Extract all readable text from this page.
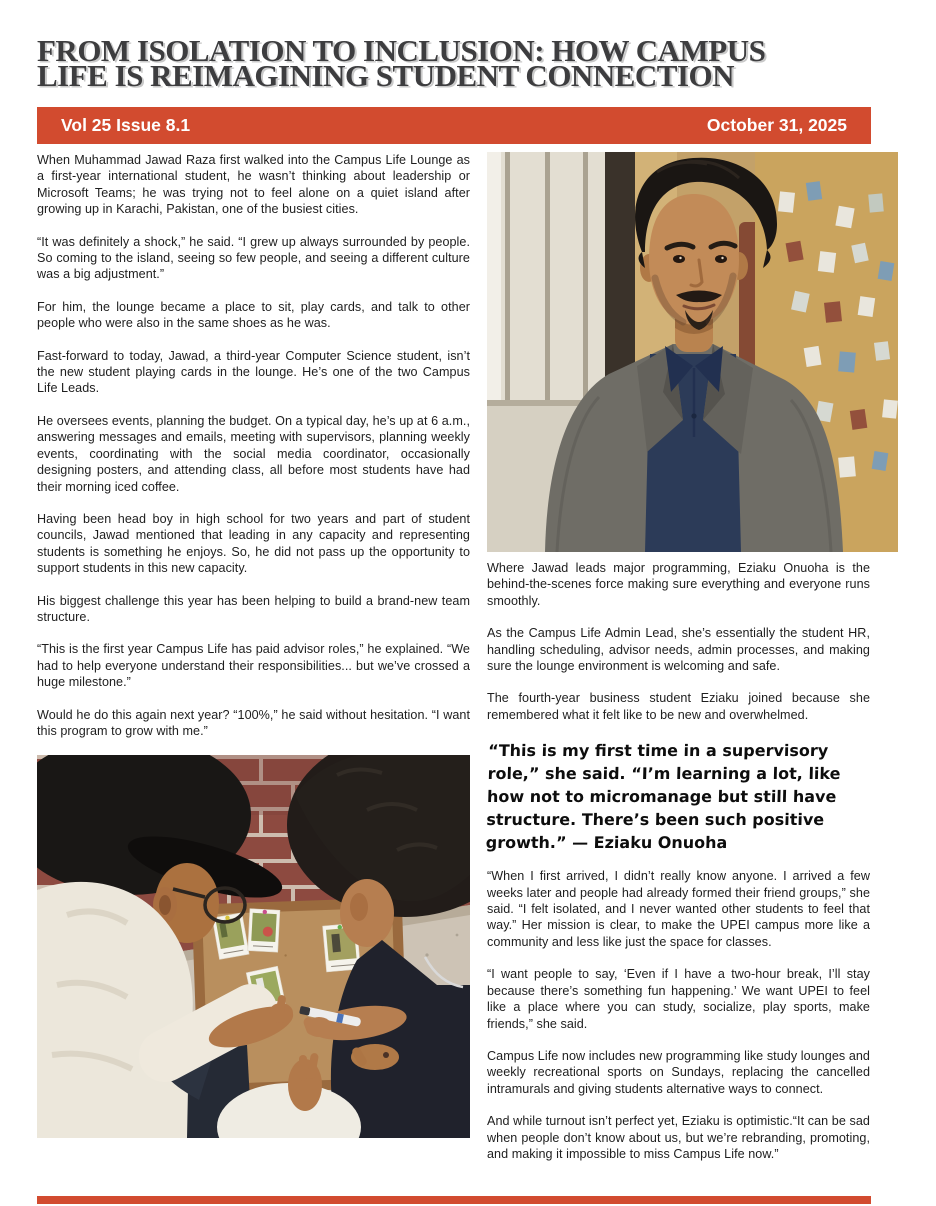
FROM ISOLATION TO INCLUSION: HOW CAMPUS
LIFE IS REIMAGINING STUDENT CONNECTION
Vol 25 Issue 8.1	October 31, 2025

When Muhammad Jawad Raza first walked into the Campus Life Lounge as a first-year international student, he wasn’t thinking about leadership or Microsoft Teams; he was trying not to feel alone on a quiet island after growing up in Karachi, Pakistan, one of the busiest cities.

“It was definitely a shock,” he said. “I grew up always surrounded by people. So coming to the island, seeing so few people, and seeing a different culture was a big adjustment.”

For him, the lounge became a place to sit, play cards, and talk to other people who were also in the same shoes as he was.

Fast-forward to today, Jawad, a third-year Computer Science student, isn’t the new student playing cards in the lounge. He’s one of the two Campus Life Leads.

He oversees events, planning the budget. On a typical day, he’s up at 6 a.m., answering messages and emails, meeting with supervisors, planning weekly events, coordinating with the social media coordinator, occasionally designing posters, and attending class, all before most students have had their morning iced coffee.

Having been head boy in high school for two years and part of student councils, Jawad mentioned that leading in any capacity and representing students is something he enjoys. So, he did not pass up the opportunity to support students in this new capacity.

His biggest challenge this year has been helping to build a brand-new team structure.

“This is the first year Campus Life has paid advisor roles,” he explained. “We had to help everyone understand their responsibilities... but we’ve crossed a huge milestone.”

Would he do this again next year? “100%,” he said without hesitation. “I want this program to grow with me.”

Where Jawad leads major programming, Eziaku Onuoha is the behind-the-scenes force making sure everything and everyone runs smoothly.

As the Campus Life Admin Lead, she’s essentially the student HR, handling scheduling, advisor needs, admin processes, and making sure the lounge environment is welcoming and safe.

The fourth-year business student Eziaku joined because she remembered what it felt like to be new and overwhelmed.

“This is my first time in a supervisory role,” she said. “I’m learning a lot, like how not to micromanage but still have structure. There’s been such positive growth.” — Eziaku Onuoha

“When I first arrived, I didn’t really know anyone. I arrived a few weeks later and people had already formed their friend groups,” she said. “I felt isolated, and I never wanted other students to feel that way.” Her mission is clear, to make the UPEI campus more like a community and less like just the space for classes.

“I want people to say, ‘Even if I have a two-hour break, I’ll stay because there’s something fun happening.’ We want UPEI to feel like a place where you can study, socialize, play sports, make friends,” she said.

Campus Life now includes new programming like study lounges and weekly recreational sports on Sundays, replacing the cancelled intramurals and giving students alternative ways to connect.

And while turnout isn’t perfect yet, Eziaku is optimistic.“It can be sad when people don’t know about us, but we’re rebranding, promoting, and making it impossible to miss Campus Life now.”
